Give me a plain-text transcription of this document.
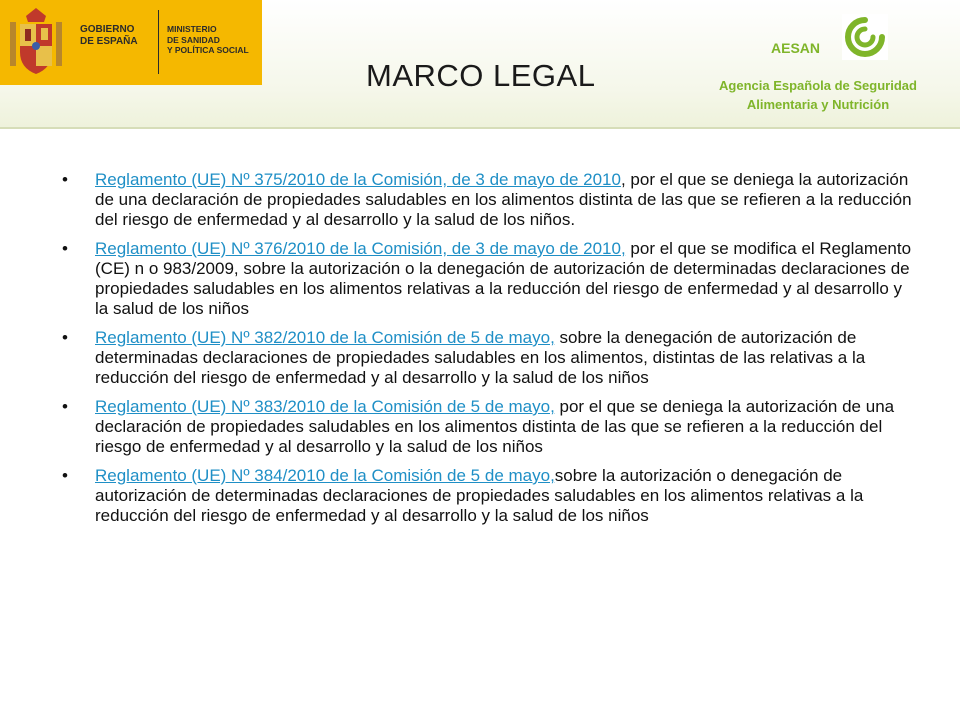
GOBIERNO
DE ESPAÑA
MINISTERIO
DE SANIDAD
Y POLÍTICA SOCIAL
MARCO LEGAL
AESAN
Agencia Española de Seguridad
Alimentaria y Nutrición
• Reglamento (UE) Nº 375/2010 de la Comisión, de 3 de mayo de 2010, por el que se deniega la autorización de una declaración de propiedades saludables en los alimentos distinta de las que se refieren a la reducción del riesgo de enfermedad y al desarrollo y la salud de los niños.
• Reglamento (UE) Nº 376/2010 de la Comisión, de 3 de mayo de 2010, por el que se modifica el Reglamento (CE) n o 983/2009, sobre la autorización o la denegación de autorización de determinadas declaraciones de propiedades saludables en los alimentos relativas a la reducción del riesgo de enfermedad y al desarrollo y la salud de los niños
• Reglamento (UE) Nº 382/2010 de la Comisión de 5 de mayo, sobre la denegación de autorización de determinadas declaraciones de propiedades saludables en los alimentos, distintas de las relativas a la reducción del riesgo de enfermedad y al desarrollo y la salud de los niños
• Reglamento (UE) Nº 383/2010 de la Comisión de 5 de mayo, por el que se deniega la autorización de una declaración de propiedades saludables en los alimentos distinta de las que se refieren a la reducción del riesgo de enfermedad y al desarrollo y la salud de los niños
• Reglamento (UE) Nº 384/2010 de la Comisión de 5 de mayo,sobre la autorización o denegación de autorización de determinadas declaraciones de propiedades saludables en los alimentos relativas a la reducción del riesgo de enfermedad y al desarrollo y la salud de los niños
